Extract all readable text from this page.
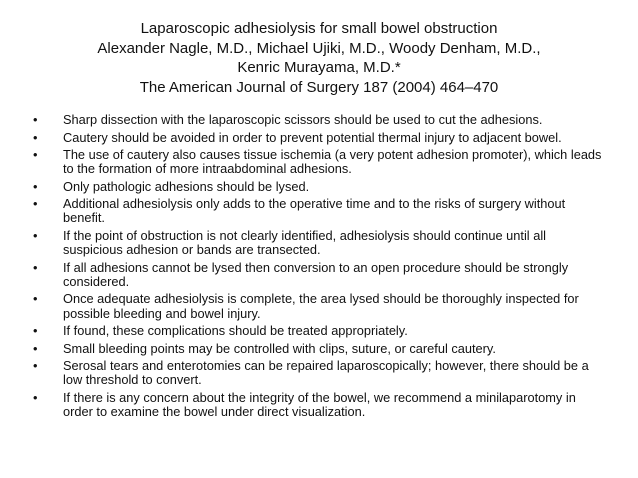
Laparoscopic adhesiolysis for small bowel obstruction
Alexander Nagle, M.D., Michael Ujiki, M.D., Woody Denham, M.D.,
Kenric Murayama, M.D.*
The American Journal of Surgery 187 (2004) 464–470
•	Sharp dissection with the laparoscopic scissors should be used to cut the adhesions.
•	Cautery should be avoided in order to prevent potential thermal injury to adjacent bowel.
•	The use of cautery also causes tissue ischemia (a very potent adhesion promoter), which leads to the formation of more intraabdominal adhesions.
•	Only pathologic adhesions should be lysed.
•	Additional adhesiolysis only adds to the operative time and to the risks of surgery without benefit.
•	If the point of obstruction is not clearly identified, adhesiolysis should continue until all suspicious adhesion or bands are transected.
•	If all adhesions cannot be lysed then conversion to an open procedure should be strongly considered.
•	Once adequate adhesiolysis is complete, the area lysed should be thoroughly inspected for possible bleeding and bowel injury.
•	If found, these complications should be treated appropriately.
•	Small bleeding points may be controlled with clips, suture, or careful cautery.
•	Serosal tears and enterotomies can be repaired laparoscopically; however, there should be a low threshold to convert.
•	If there is any concern about the integrity of the bowel, we recommend a minilaparotomy in order to examine the bowel under direct visualization.
